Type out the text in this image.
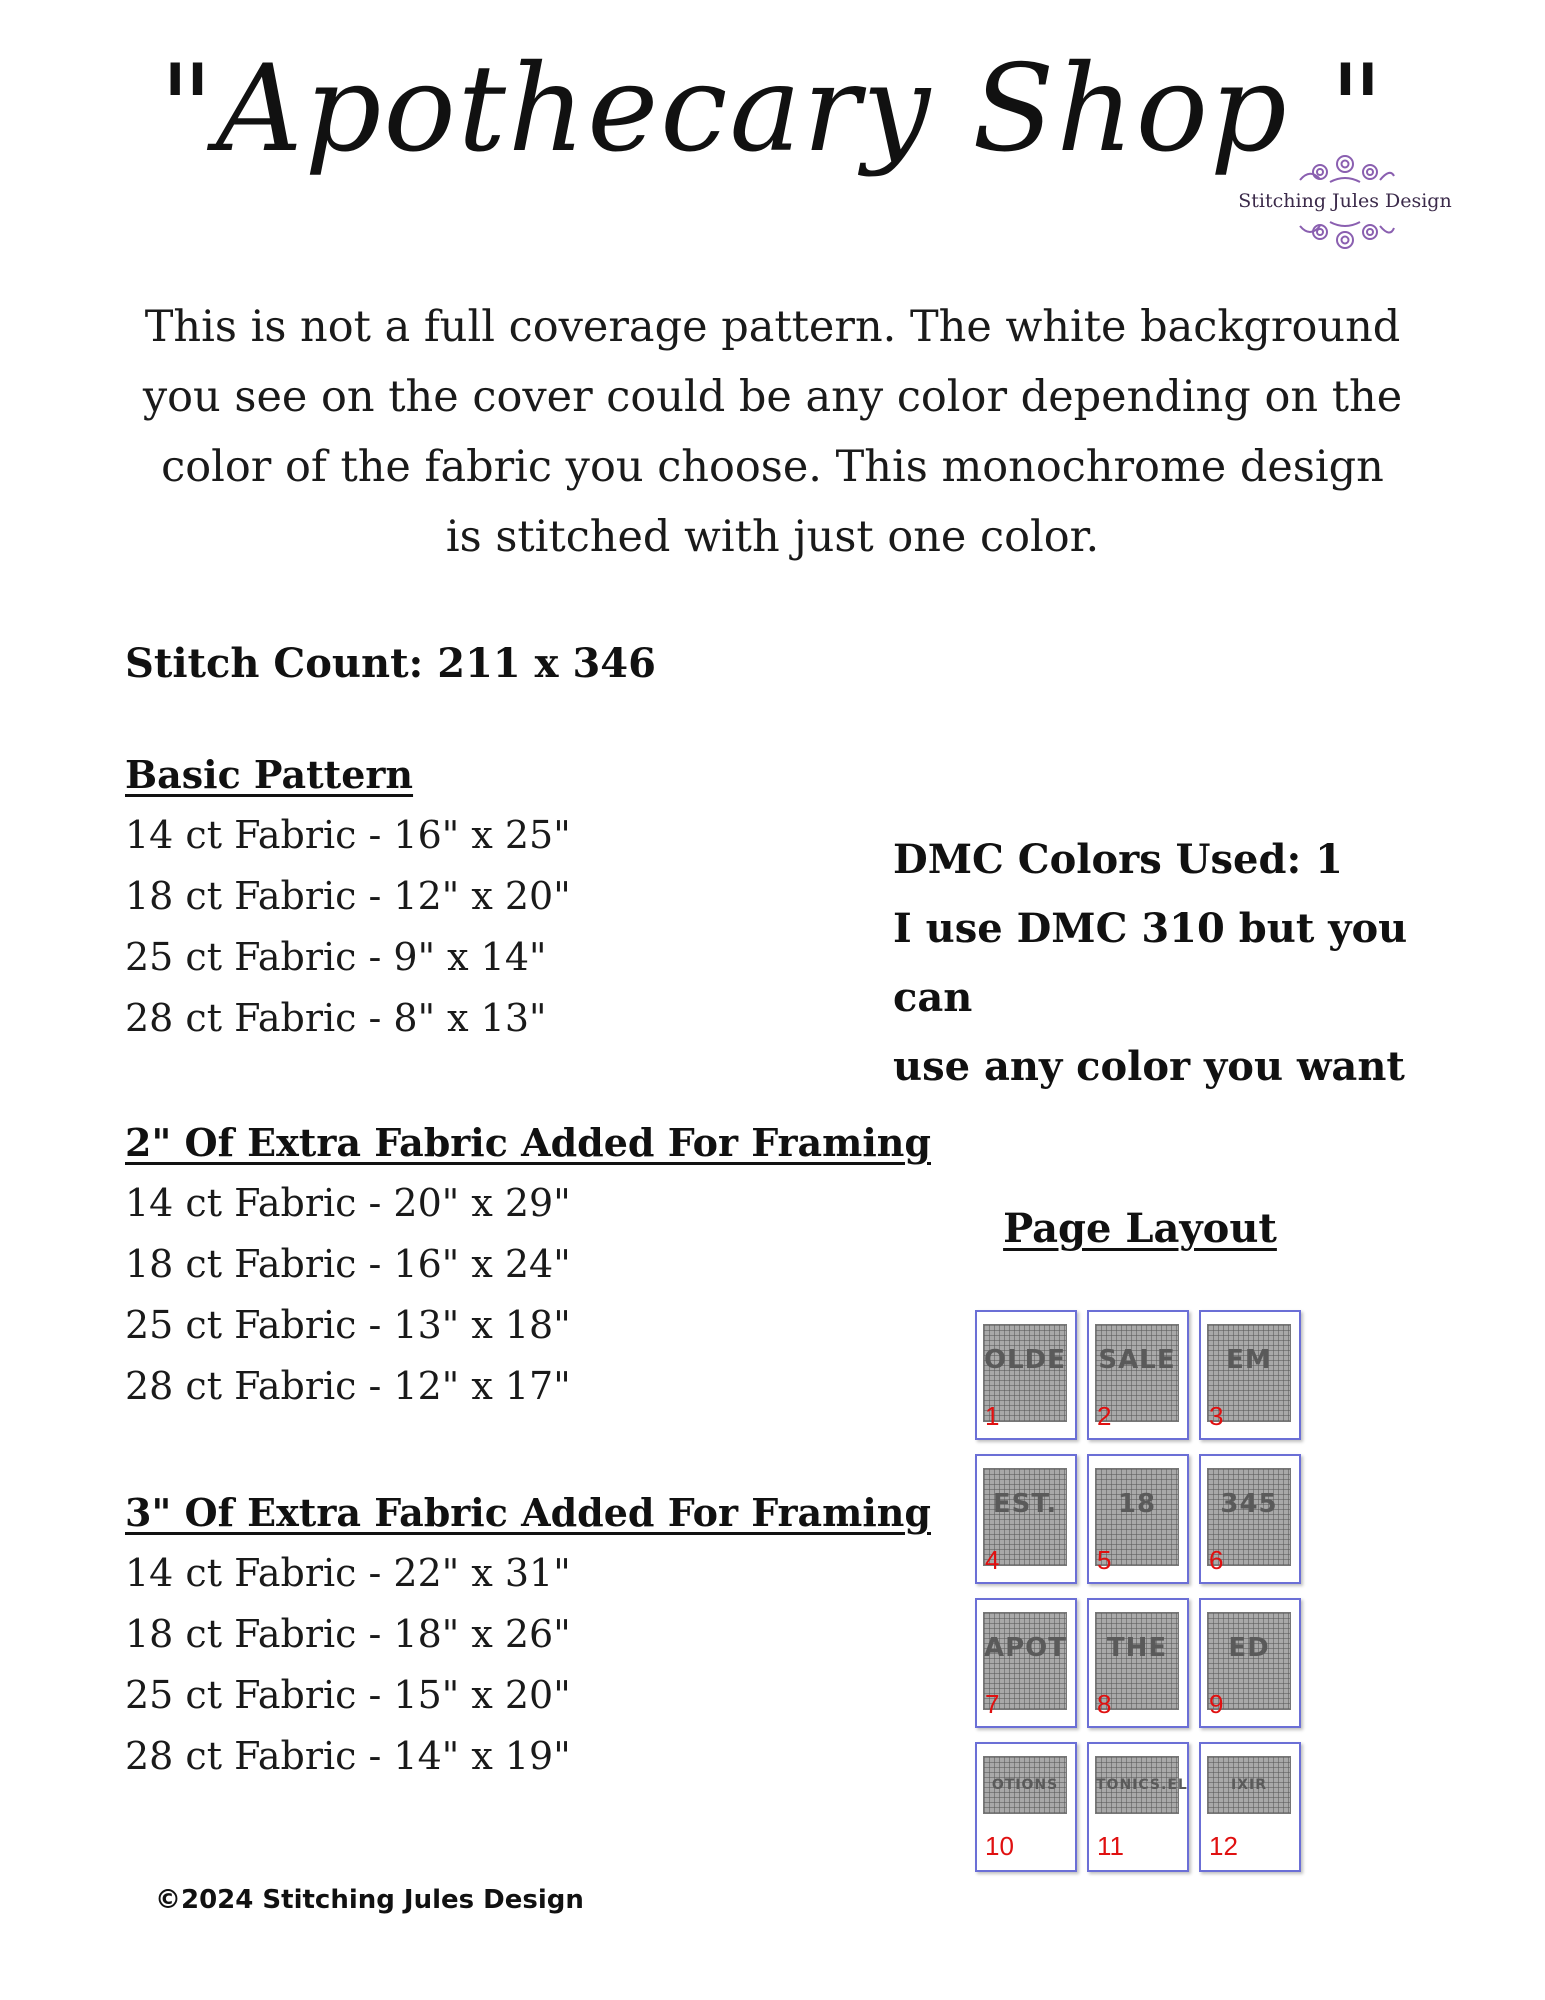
"Apothecary Shop "
Stitching Jules Design
This is not a full coverage pattern. The white background you see on the cover could be any color depending on the color of the fabric you choose. This monochrome design is stitched with just one color.
Stitch Count: 211 x 346
Basic Pattern
14 ct Fabric - 16" x 25"
18 ct Fabric - 12" x 20"
25 ct Fabric - 9" x 14"
28 ct Fabric - 8" x 13"
2" Of Extra Fabric Added For Framing
14 ct Fabric - 20" x 29"
18 ct Fabric - 16" x 24"
25 ct Fabric - 13" x 18"
28 ct Fabric - 12" x 17"
3" Of Extra Fabric Added For Framing
14 ct Fabric - 22" x 31"
18 ct Fabric - 18" x 26"
25 ct Fabric - 15" x 20"
28 ct Fabric - 14" x 19"
DMC Colors Used: 1
I use DMC 310 but you can
use any color you want
Page Layout
OLDE
1
SALE
2
EM
3
EST.
4
18
5
345
6
APOT
7
THE
8
ED
9
OTIONS
10
TONICS.EL
11
IXIR
12
©2024 Stitching Jules Design
